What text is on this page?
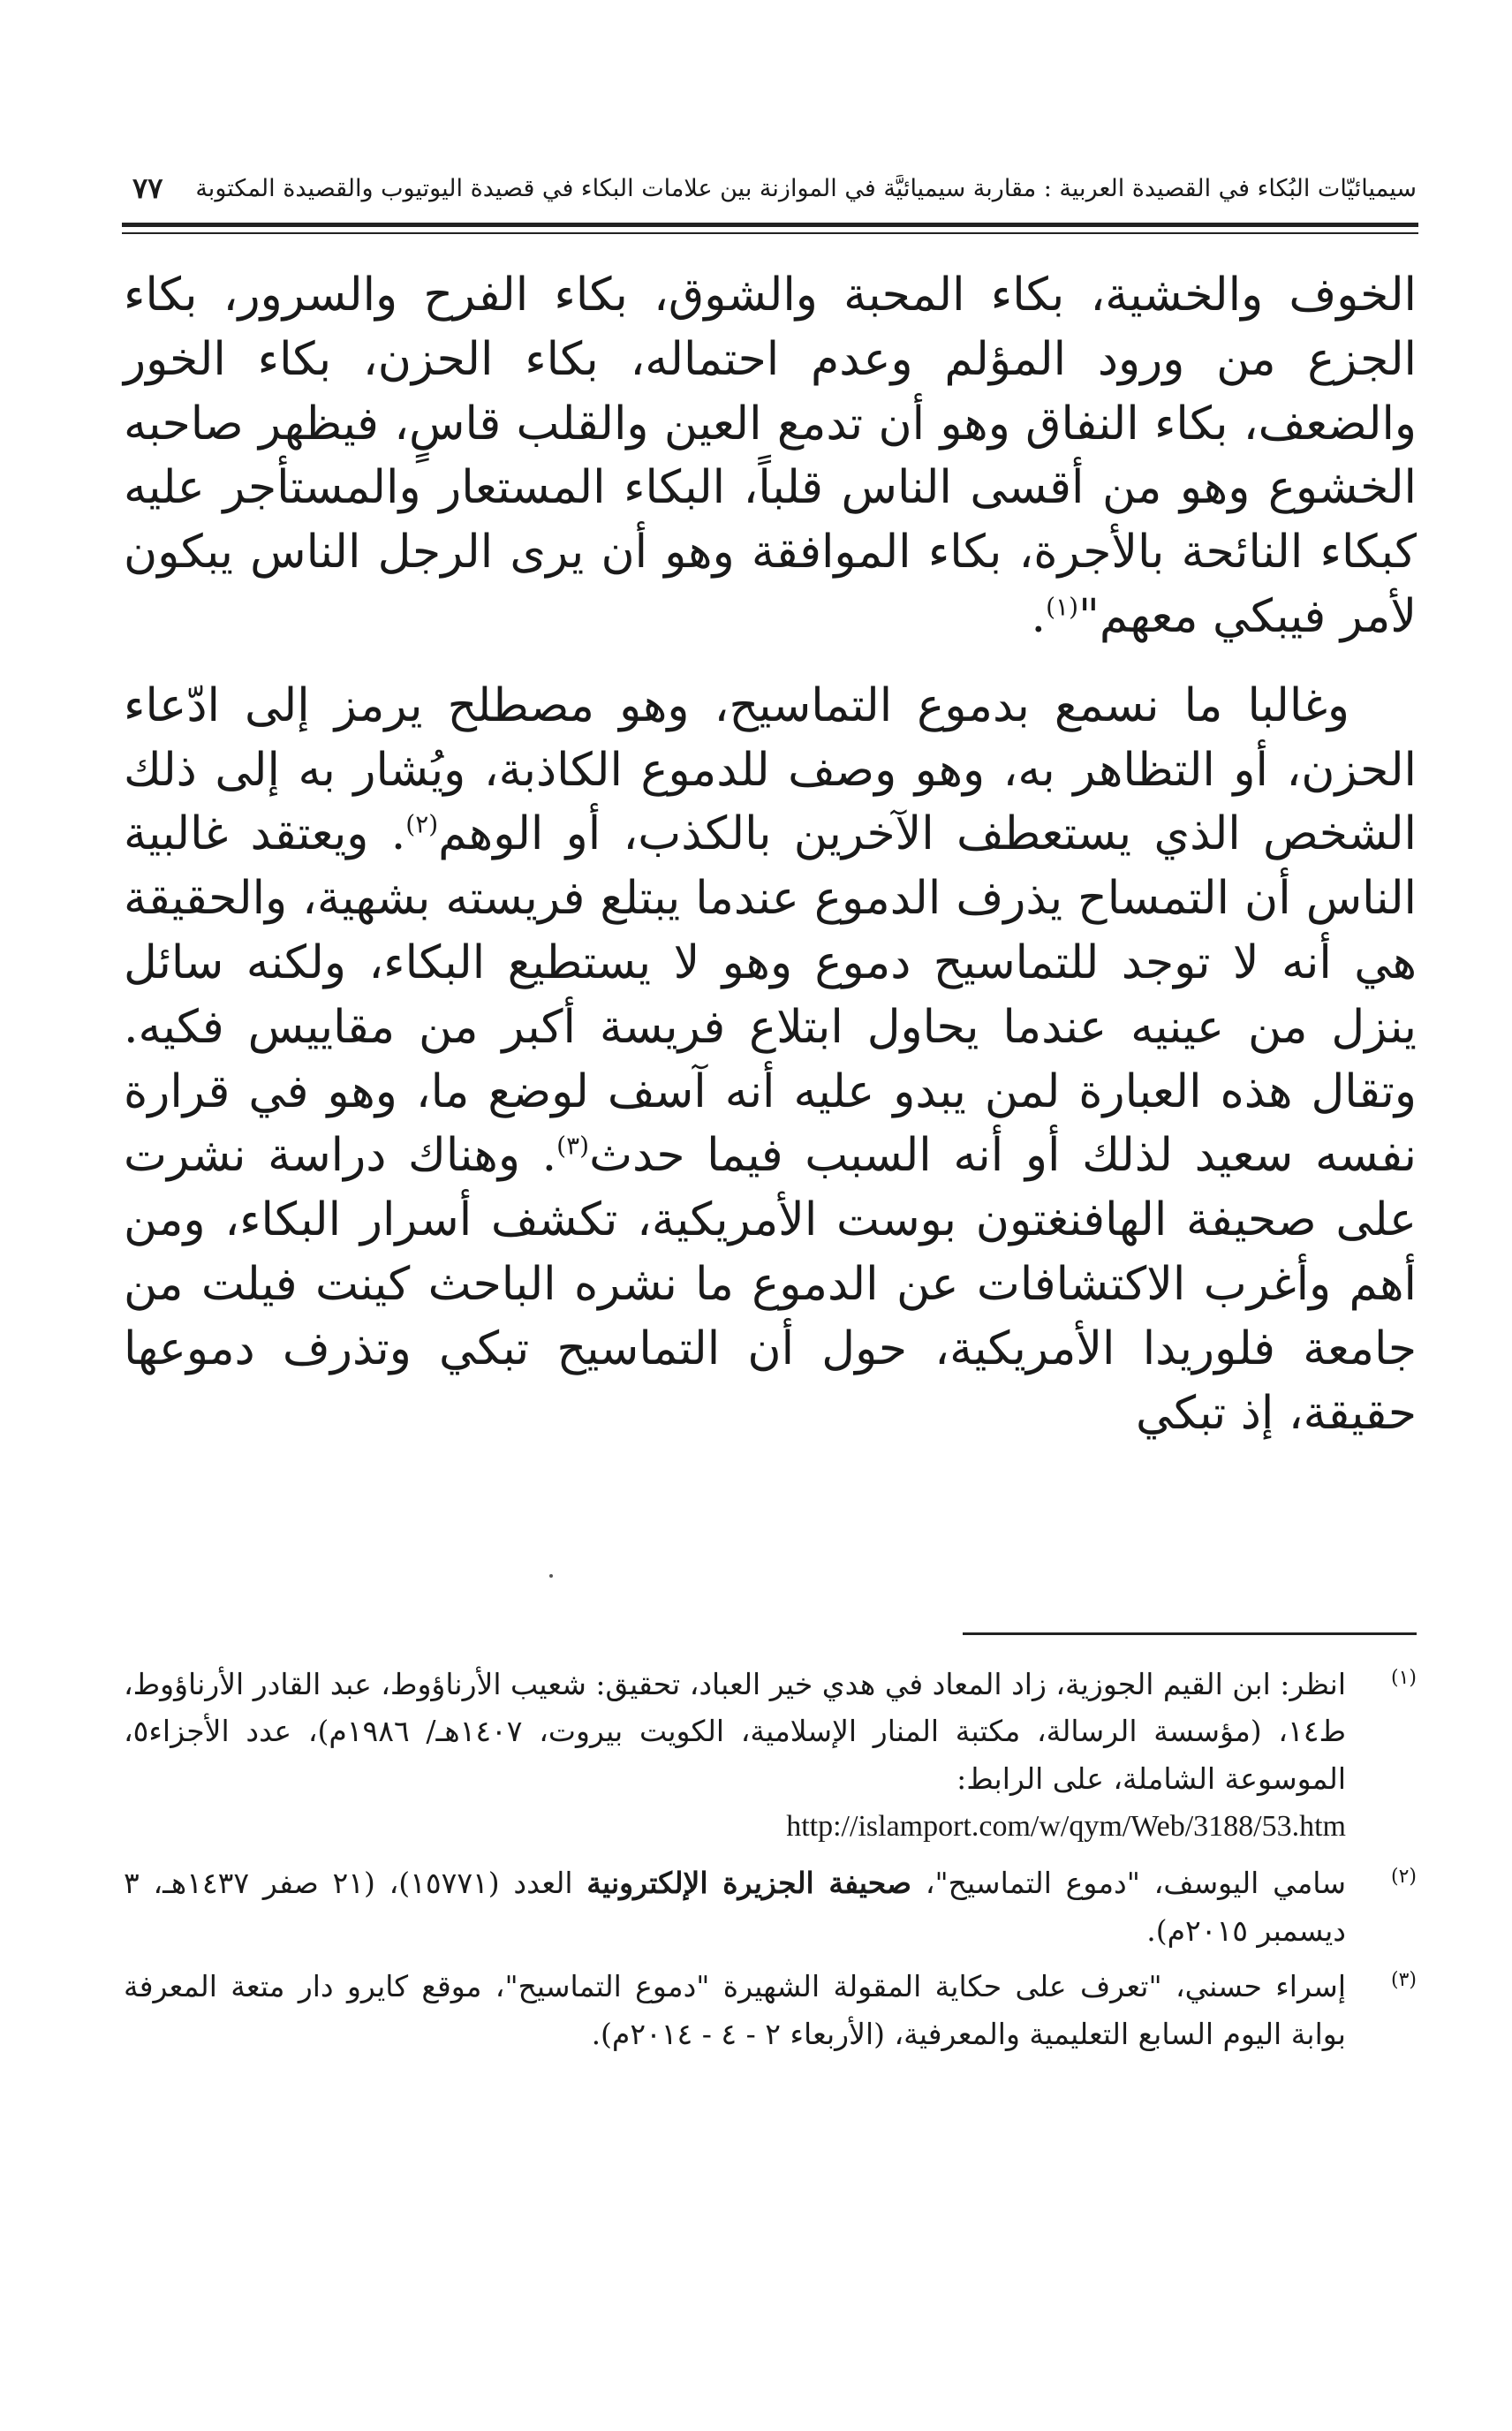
سيميائيّات البُكاء في القصيدة العربية : مقاربة سيميائيَّة في الموازنة بين علامات البكاء في قصيدة اليوتيوب والقصيدة المكتوبة
٧٧

الخوف والخشية، بكاء المحبة والشوق، بكاء الفرح والسرور، بكاء الجزع من ورود المؤلم وعدم احتماله، بكاء الحزن، بكاء الخور والضعف، بكاء النفاق وهو أن تدمع العين والقلب قاسٍ، فيظهر صاحبه الخشوع وهو من أقسى الناس قلباً، البكاء المستعار والمستأجر عليه كبكاء النائحة بالأجرة، بكاء الموافقة وهو أن يرى الرجل الناس يبكون لأمر فيبكي معهم"$^{(١)}$.

وغالبا ما نسمع بدموع التماسيح، وهو مصطلح يرمز إلى ادّعاء الحزن، أو التظاهر به، وهو وصف للدموع الكاذبة، ويُشار به إلى ذلك الشخص الذي يستعطف الآخرين بالكذب، أو الوهم$^{(٢)}$. ويعتقد غالبية الناس أن التمساح يذرف الدموع عندما يبتلع فريسته بشهية، والحقيقة هي أنه لا توجد للتماسيح دموع وهو لا يستطيع البكاء، ولكنه سائل ينزل من عينيه عندما يحاول ابتلاع فريسة أكبر من مقاييس فكيه. وتقال هذه العبارة لمن يبدو عليه أنه آسف لوضع ما، وهو في قرارة نفسه سعيد لذلك أو أنه السبب فيما حدث$^{(٣)}$. وهناك دراسة نشرت على صحيفة الهافنغتون بوست الأمريكية، تكشف أسرار البكاء، ومن أهم وأغرب الاكتشافات عن الدموع ما نشره الباحث كينت فيلت من جامعة فلوريدا الأمريكية، حول أن التماسيح تبكي وتذرف دموعها حقيقة، إذ تبكي

(١)
انظر: ابن القيم الجوزية، زاد المعاد في هدي خير العباد، تحقيق: شعيب الأرناؤوط، عبد القادر الأرناؤوط، ط١٤، (مؤسسة الرسالة، مكتبة المنار الإسلامية، الكويت بيروت، ١٤٠٧هـ/ ١٩٨٦م)، عدد الأجزاء٥، الموسوعة الشاملة، على الرابط:
http://islamport.com/w/qym/Web/3188/53.htm
(٢)
سامي اليوسف، "دموع التماسيح"، صحيفة الجزيرة الإلكترونية العدد (١٥٧٧١)، (٢١ صفر ١٤٣٧هـ، ٣ ديسمبر ٢٠١٥م).
(٣)
إسراء حسني، "تعرف على حكاية المقولة الشهيرة "دموع التماسيح"، موقع كايرو دار متعة المعرفة بوابة اليوم السابع التعليمية والمعرفية، (الأربعاء ٢ - ٤ - ٢٠١٤م).
